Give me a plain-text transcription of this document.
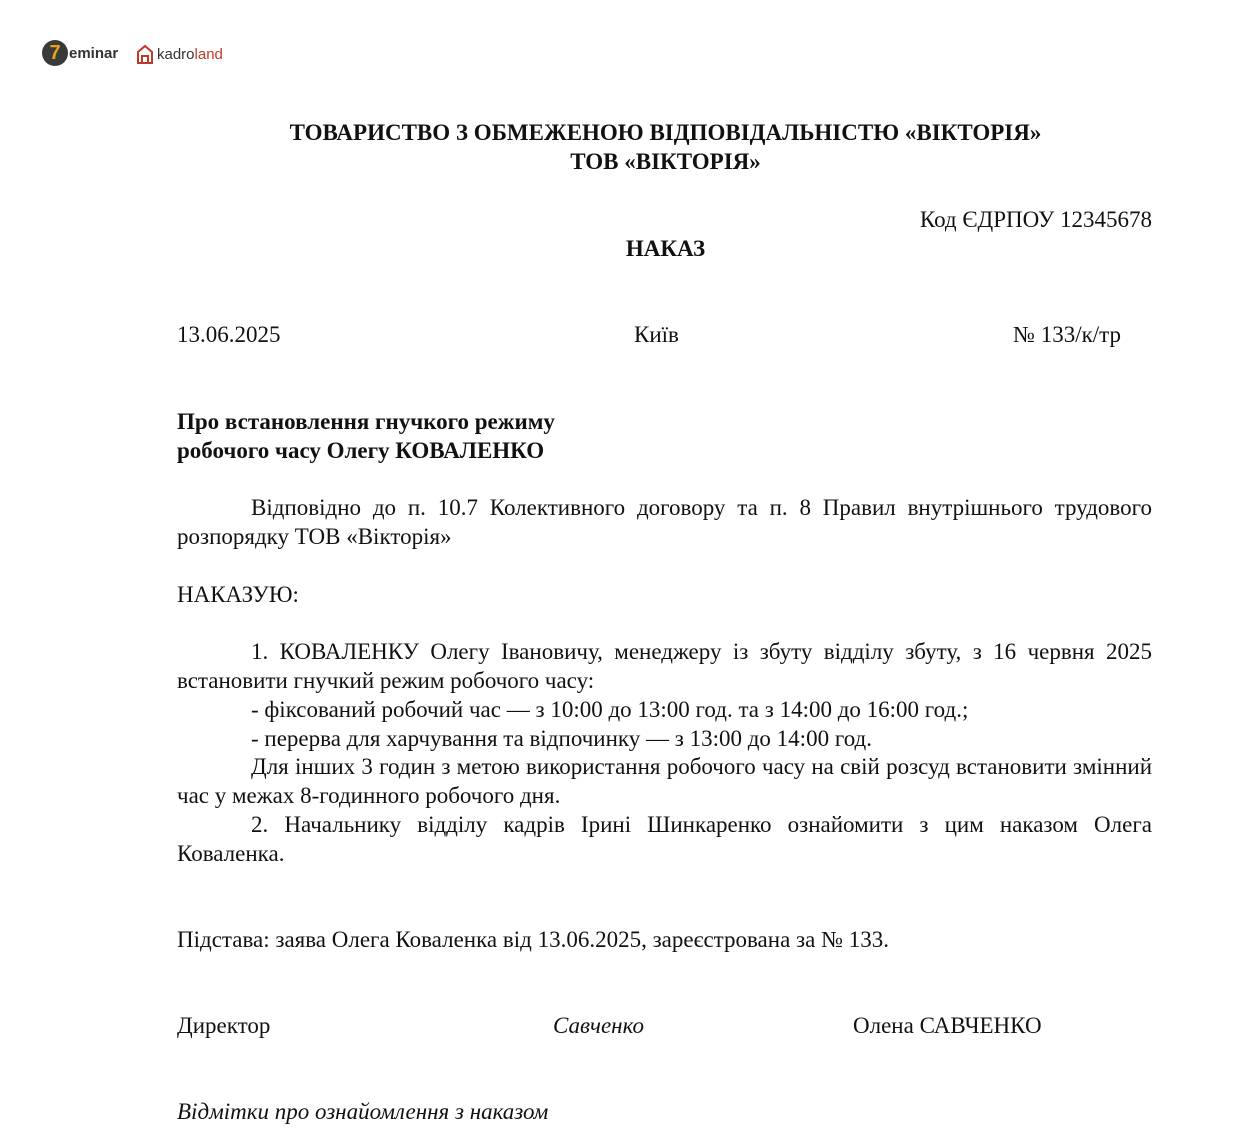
7 eminar	kadro land
ТОВАРИСТВО З ОБМЕЖЕНОЮ ВІДПОВІДАЛЬНІСТЮ «ВІКТОРІЯ»
ТОВ «ВІКТОРІЯ»
Код ЄДРПОУ 12345678
НАКАЗ
13.06.2025	Київ	№ 133/к/тр
Про встановлення гнучкого режиму
робочого часу Олегу КОВАЛЕНКО
Відповідно до п. 10.7 Колективного договору та п. 8 Правил внутрішнього трудового розпорядку ТОВ «Вікторія»
НАКАЗУЮ:
1. КОВАЛЕНКУ Олегу Івановичу, менеджеру із збуту відділу збуту, з 16 червня 2025 встановити гнучкий режим робочого часу:
- фіксований робочий час — з 10:00 до 13:00 год. та з 14:00 до 16:00 год.;
- перерва для харчування та відпочинку — з 13:00 до 14:00 год.
Для інших 3 годин з метою використання робочого часу на свій розсуд встановити змінний час у межах 8-годинного робочого дня.
2. Начальнику відділу кадрів Ірині Шинкаренко ознайомити з цим наказом Олега Коваленка.
Підстава: заява Олега Коваленка від 13.06.2025, зареєстрована за № 133.
Директор	Савченко	Олена САВЧЕНКО
Відмітки про ознайомлення з наказом
